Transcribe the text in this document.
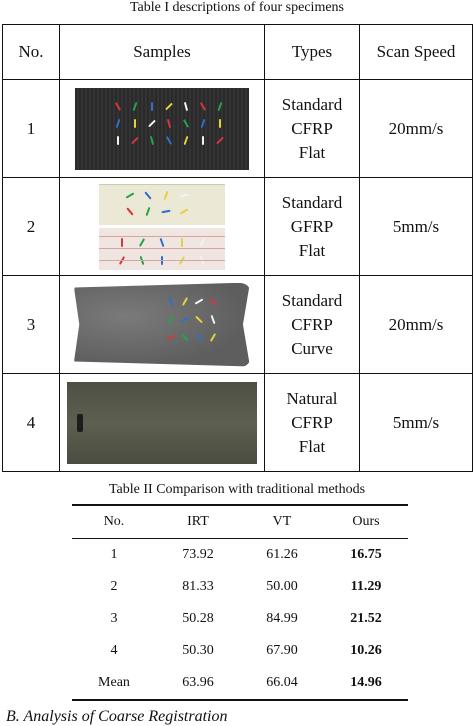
Table I descriptions of four specimens
No.	Samples	Types	Scan Speed
1		Standard
CFRP
Flat	20mm/s
2		Standard
GFRP
Flat	5mm/s
3		Standard
CFRP
Curve	20mm/s
4		Natural
CFRP
Flat	5mm/s
Table II Comparison with traditional methods
No.	IRT	VT	Ours
1	73.92	61.26	16.75
2	81.33	50.00	11.29
3	50.28	84.99	21.52
4	50.30	67.90	10.26
Mean	63.96	66.04	14.96
B. Analysis of Coarse Registration
